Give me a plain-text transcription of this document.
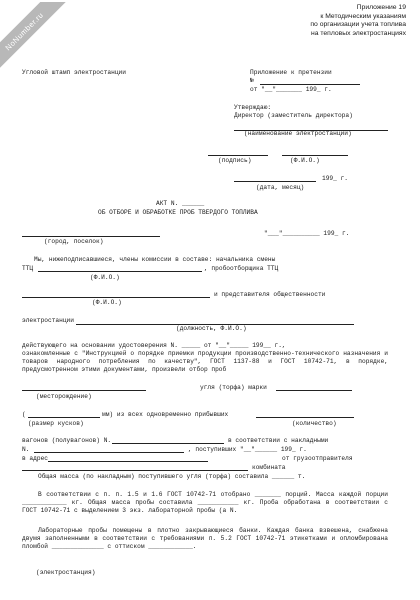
NoNumber.ru
Приложение 19
к Методическим указаниям
по организации учета топлива
на тепловых электростанциях
Угловой штамп электростанции	Приложение к претензии
№
от "__"_______ 199_ г.
Утверждаю:
Директор (заместитель директора)
(наименование электростанции)
(подпись)	(Ф.И.О.)
199_ г.
(дата, месяц)
АКТ N. ______
ОБ ОТБОРЕ И ОБРАБОТКЕ ПРОБ ТВЕРДОГО ТОПЛИВА
"___"__________ 199_ г.
(город, поселок)
Мы, нижеподписавшиеся, члены комиссии в составе: начальника смены
ТТЦ	, пробоотборщика ТТЦ
(Ф.И.О.)
и представителя общественности
(Ф.И.О.)
электростанции
(должность, Ф.И.О.)
действующего на основании удостоверения N. _____ от "__"_____ 199__ г.,
ознакомленные с "Инструкцией о порядке приемки продукции производственно-технического назначения и товаров народного потребления по качеству", ГОСТ 1137-88 и ГОСТ 10742-71, в порядке, предусмотренном этими документами, произвели отбор проб
угля (торфа) марки
(месторождение)
(	мм) из всех одновременно прибывших
(размер кусков)	(количество)
вагонов (полувагонов) N.	в соответствии с накладными
N.	, поступивших "__"______ 199_ г.
в адрес	от грузоотправителя
комбината
Общая масса (по накладным) поступившего угля (торфа) составила ______ т.
В соответствии с п. п. 1.5 и 1.6 ГОСТ 10742-71 отобрано _______ порций. Масса каждой порции ____________ кг. Общая масса пробы составила ___________ кг. Проба обработана в соответствии с ГОСТ 10742-71 с выделением 3 экз. лабораторной пробы (а N.
Лабораторные пробы помещены в плотно закрывающиеся банки. Каждая банка взвешена, снабжена двумя заполненными в соответствии с требованиями п. 5.2 ГОСТ 10742-71 этикетками и опломбирована пломбой ______________ с оттиском ____________.
(электростанция)
